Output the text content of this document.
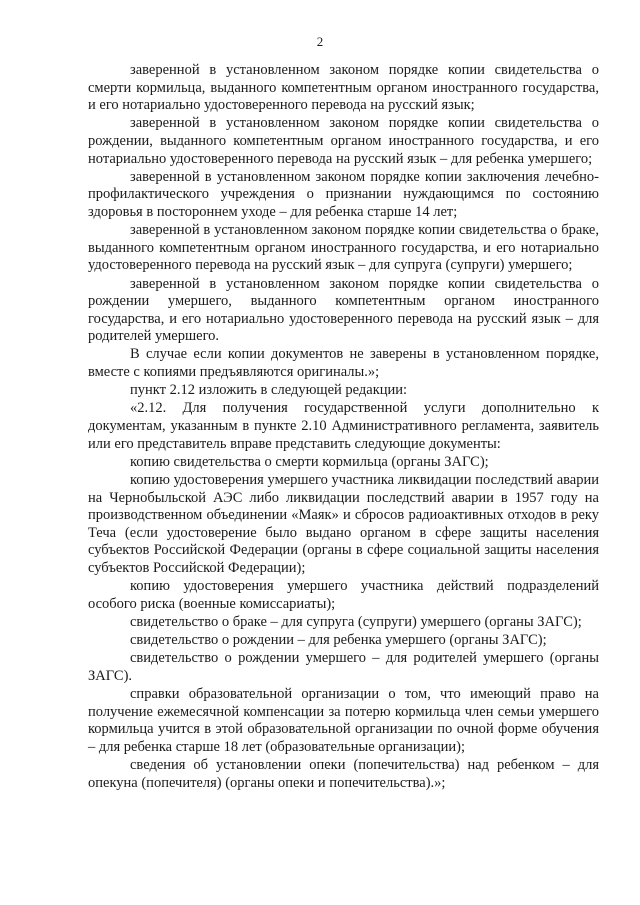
2

заверенной в установленном законом порядке копии свидетельства о смерти кормильца, выданного компетентным органом иностранного государства, и его нотариально удостоверенного перевода на русский язык;

заверенной в установленном законом порядке копии свидетельства о рождении, выданного компетентным органом иностранного государства, и его нотариально удостоверенного перевода на русский язык – для ребенка умершего;

заверенной в установленном законом порядке копии заключения лечебно-профилактического учреждения о признании нуждающимся по состоянию здоровья в постороннем уходе – для ребенка старше 14 лет;

заверенной в установленном законом порядке копии свидетельства о браке, выданного компетентным органом иностранного государства, и его нотариально удостоверенного перевода на русский язык – для супруга (супруги) умершего;

заверенной в установленном законом порядке копии свидетельства о рождении умершего, выданного компетентным органом иностранного государства, и его нотариально удостоверенного перевода на русский язык – для родителей умершего.

В случае если копии документов не заверены в установленном порядке, вместе с копиями предъявляются оригиналы.»;

пункт 2.12 изложить в следующей редакции:

«2.12. Для получения государственной услуги дополнительно к документам, указанным в пункте 2.10 Административного регламента, заявитель или его представитель вправе представить следующие документы:

копию свидетельства о смерти кормильца (органы ЗАГС);

копию удостоверения умершего участника ликвидации последствий аварии на Чернобыльской АЭС либо ликвидации последствий аварии в 1957 году на производственном объединении «Маяк» и сбросов радиоактивных отходов в реку Теча (если удостоверение было выдано органом в сфере защиты населения субъектов Российской Федерации (органы в сфере социальной защиты населения субъектов Российской Федерации);

копию удостоверения умершего участника действий подразделений особого риска (военные комиссариаты);

свидетельство о браке – для супруга (супруги) умершего (органы ЗАГС);

свидетельство о рождении – для ребенка умершего (органы ЗАГС);

свидетельство о рождении умершего – для родителей умершего (органы ЗАГС).

справки образовательной организации о том, что имеющий право на получение ежемесячной компенсации за потерю кормильца член семьи умершего кормильца учится в этой образовательной организации по очной форме обучения – для ребенка старше 18 лет (образовательные организации);

сведения об установлении опеки (попечительства) над ребенком – для опекуна (попечителя) (органы опеки и попечительства).»;
